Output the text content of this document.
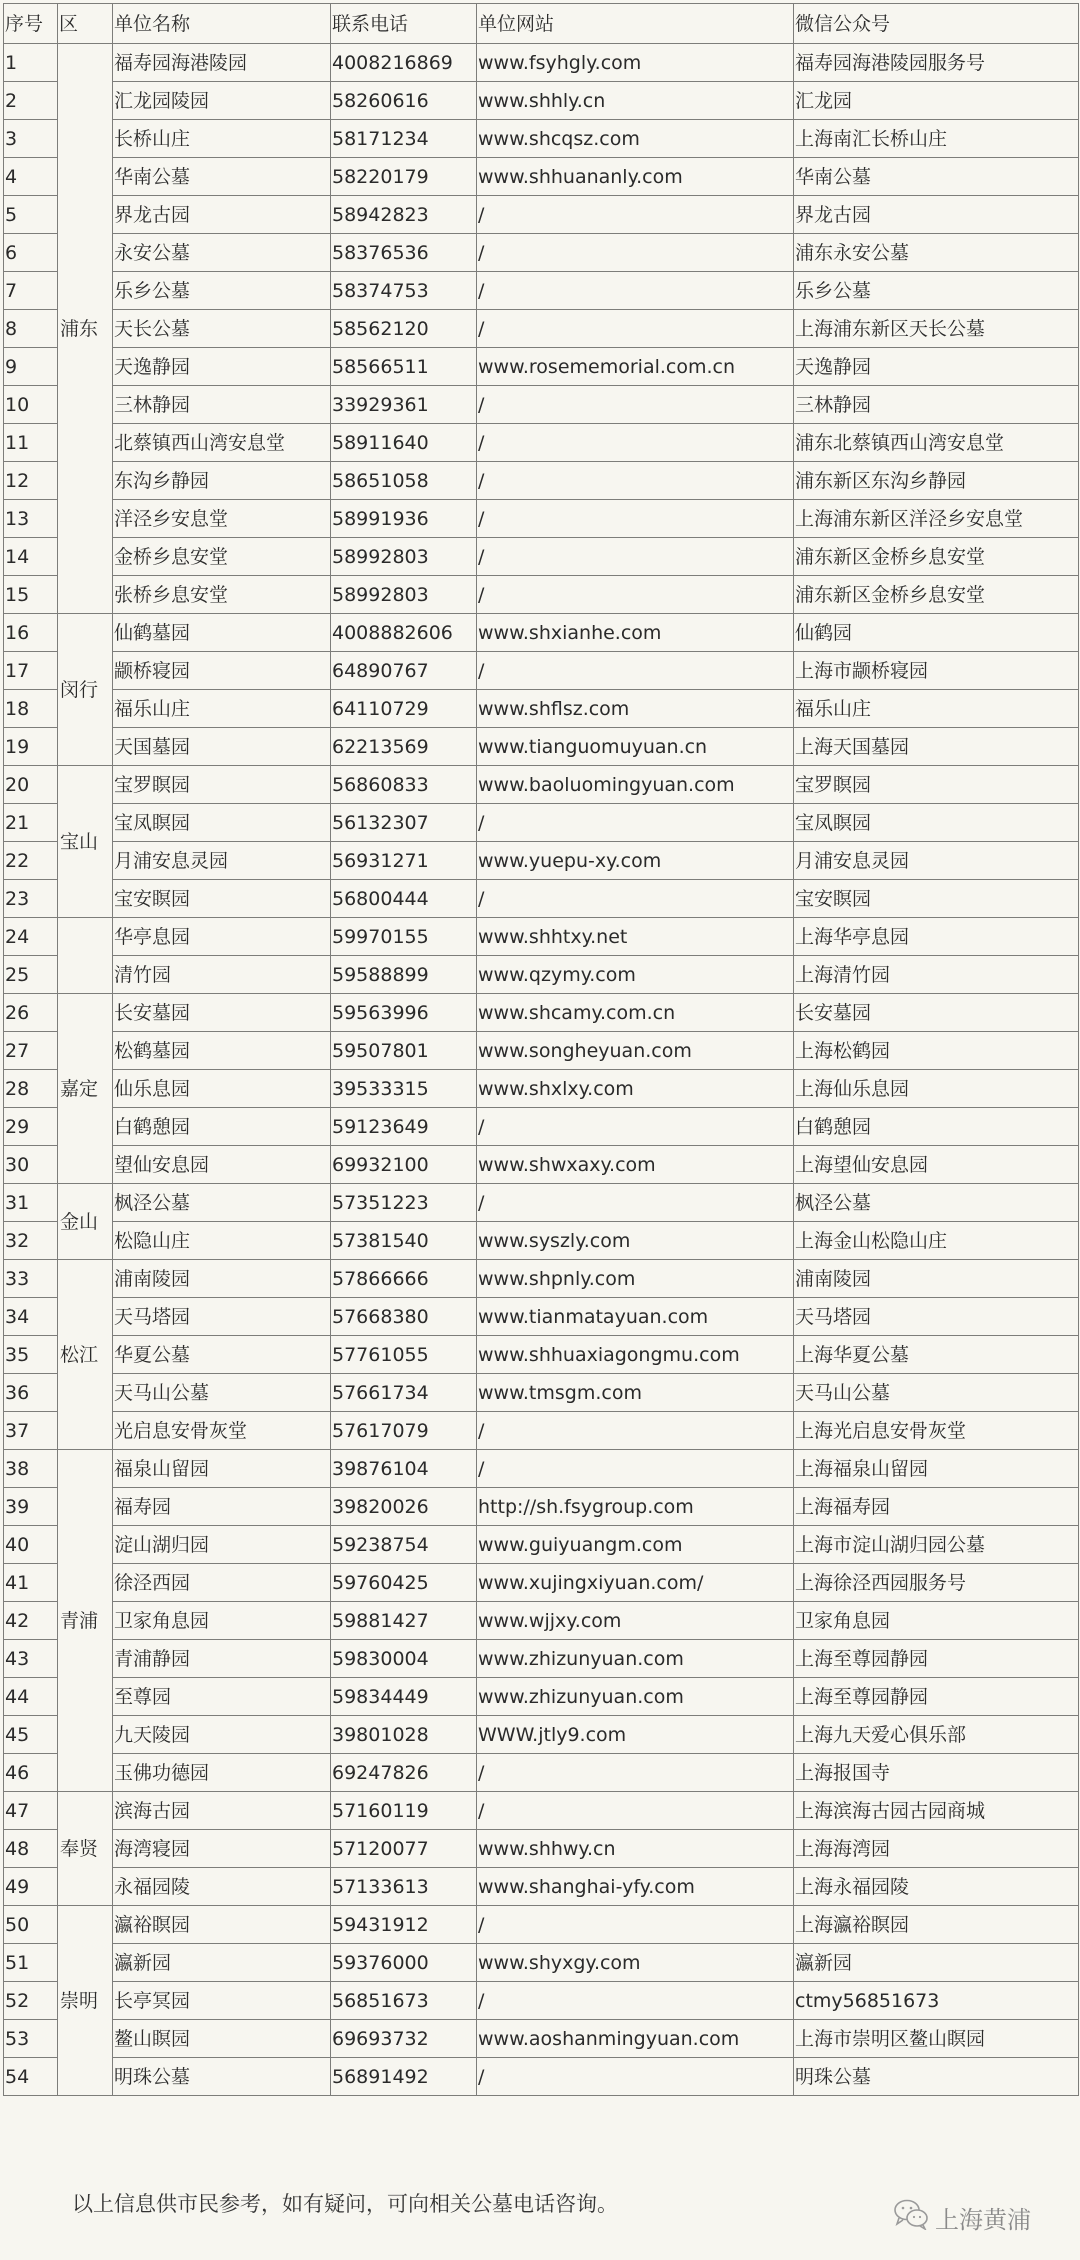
序号	区	单位名称	联系电话	单位网站	微信公众号
1	浦东	福寿园海港陵园	4008216869	www.fsyhgly.com	福寿园海港陵园服务号
2		汇龙园陵园	58260616	www.shhly.cn	汇龙园
3		长桥山庄	58171234	www.shcqsz.com	上海南汇长桥山庄
4		华南公墓	58220179	www.shhuananly.com	华南公墓
5		界龙古园	58942823	/	界龙古园
6		永安公墓	58376536	/	浦东永安公墓
7		乐乡公墓	58374753	/	乐乡公墓
8		天长公墓	58562120	/	上海浦东新区天长公墓
9		天逸静园	58566511	www.rosememorial.com.cn	天逸静园
10		三林静园	33929361	/	三林静园
11		北蔡镇西山湾安息堂	58911640	/	浦东北蔡镇西山湾安息堂
12		东沟乡静园	58651058	/	浦东新区东沟乡静园
13		洋泾乡安息堂	58991936	/	上海浦东新区洋泾乡安息堂
14		金桥乡息安堂	58992803	/	浦东新区金桥乡息安堂
15		张桥乡息安堂	58992803	/	浦东新区金桥乡息安堂
16	闵行	仙鹤墓园	4008882606	www.shxianhe.com	仙鹤园
17		颛桥寝园	64890767	/	上海市颛桥寝园
18		福乐山庄	64110729	www.shflsz.com	福乐山庄
19		天国墓园	62213569	www.tianguomuyuan.cn	上海天国墓园
20	宝山	宝罗瞑园	56860833	www.baoluomingyuan.com	宝罗瞑园
21		宝凤瞑园	56132307	/	宝凤瞑园
22		月浦安息灵园	56931271	www.yuepu-xy.com	月浦安息灵园
23		宝安瞑园	56800444	/	宝安瞑园
24		华亭息园	59970155	www.shhtxy.net	上海华亭息园
25		清竹园	59588899	www.qzymy.com	上海清竹园
26	嘉定	长安墓园	59563996	www.shcamy.com.cn	长安墓园
27		松鹤墓园	59507801	www.songheyuan.com	上海松鹤园
28		仙乐息园	39533315	www.shxlxy.com	上海仙乐息园
29		白鹤憩园	59123649	/	白鹤憩园
30		望仙安息园	69932100	www.shwxaxy.com	上海望仙安息园
31	金山	枫泾公墓	57351223	/	枫泾公墓
32		松隐山庄	57381540	www.syszly.com	上海金山松隐山庄
33	松江	浦南陵园	57866666	www.shpnly.com	浦南陵园
34		天马塔园	57668380	www.tianmatayuan.com	天马塔园
35		华夏公墓	57761055	www.shhuaxiagongmu.com	上海华夏公墓
36		天马山公墓	57661734	www.tmsgm.com	天马山公墓
37		光启息安骨灰堂	57617079	/	上海光启息安骨灰堂
38	青浦	福泉山留园	39876104	/	上海福泉山留园
39		福寿园	39820026	http://sh.fsygroup.com	上海福寿园
40		淀山湖归园	59238754	www.guiyuangm.com	上海市淀山湖归园公墓
41		徐泾西园	59760425	www.xujingxiyuan.com/	上海徐泾西园服务号
42		卫家角息园	59881427	www.wjjxy.com	卫家角息园
43		青浦静园	59830004	www.zhizunyuan.com	上海至尊园静园
44		至尊园	59834449	www.zhizunyuan.com	上海至尊园静园
45		九天陵园	39801028	WWW.jtly9.com	上海九天爱心俱乐部
46		玉佛功德园	69247826	/	上海报国寺
47	奉贤	滨海古园	57160119	/	上海滨海古园古园商城
48		海湾寝园	57120077	www.shhwy.cn	上海海湾园
49		永福园陵	57133613	www.shanghai-yfy.com	上海永福园陵
50	崇明	瀛裕瞑园	59431912	/	上海瀛裕瞑园
51		瀛新园	59376000	www.shyxgy.com	瀛新园
52		长亭冥园	56851673	/	ctmy56851673
53		鳌山瞑园	69693732	www.aoshanmingyuan.com	上海市崇明区鳌山瞑园
54		明珠公墓	56891492	/	明珠公墓
以上信息供市民参考，如有疑问，可向相关公墓电话咨询。
上海黄浦
